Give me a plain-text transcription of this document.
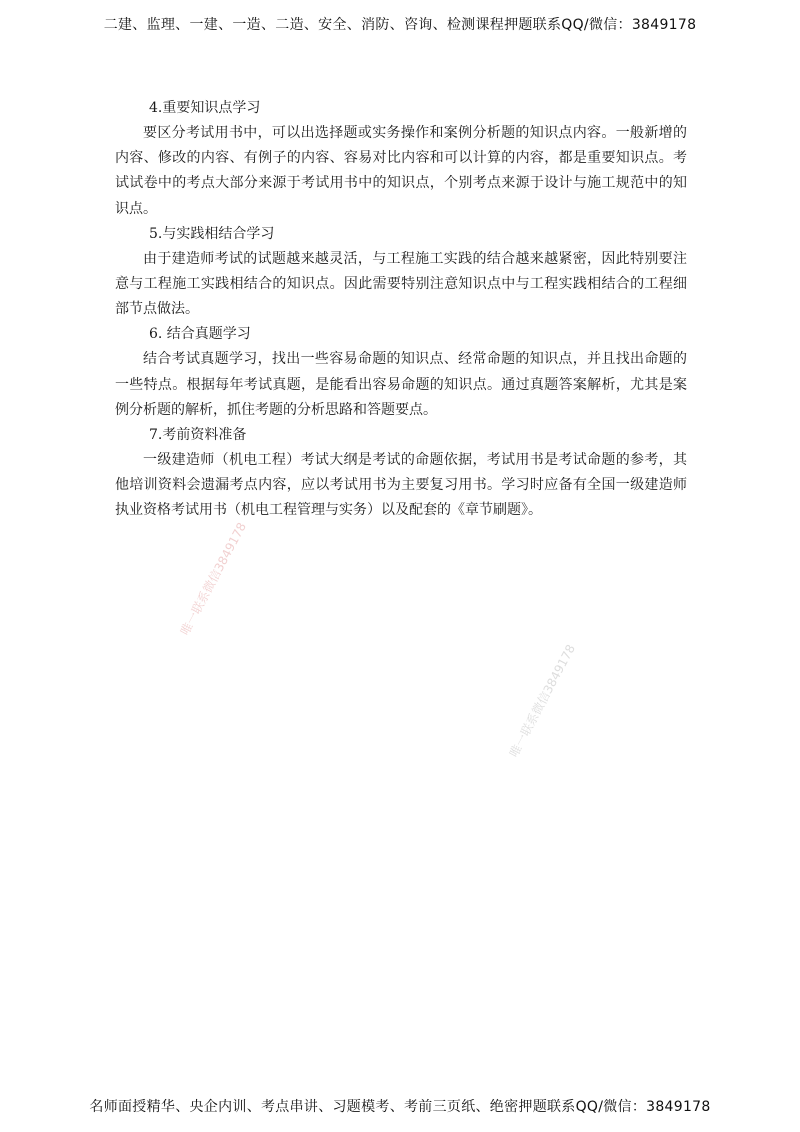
二建、监理、一建、一造、二造、安全、消防、咨询、检测课程押题联系QQ/微信：3849178

4.重要知识点学习

要区分考试用书中，可以出选择题或实务操作和案例分析题的知识点内容。一般新增的内容、修改的内容、有例子的内容、容易对比内容和可以计算的内容，都是重要知识点。考试试卷中的考点大部分来源于考试用书中的知识点，个别考点来源于设计与施工规范中的知识点。

5.与实践相结合学习

由于建造师考试的试题越来越灵活，与工程施工实践的结合越来越紧密，因此特别要注意与工程施工实践相结合的知识点。因此需要特别注意知识点中与工程实践相结合的工程细部节点做法。

6. 结合真题学习

结合考试真题学习，找出一些容易命题的知识点、经常命题的知识点，并且找出命题的一些特点。根据每年考试真题，是能看出容易命题的知识点。通过真题答案解析，尤其是案例分析题的解析，抓住考题的分析思路和答题要点。

7.考前资料准备

一级建造师（机电工程）考试大纲是考试的命题依据，考试用书是考试命题的参考，其他培训资料会遗漏考点内容，应以考试用书为主要复习用书。学习时应备有全国一级建造师执业资格考试用书（机电工程管理与实务）以及配套的《章节刷题》。

唯一联系微信3849178
唯一联系微信3849178
名师面授精华、央企内训、考点串讲、习题模考、考前三页纸、绝密押题联系QQ/微信：3849178
